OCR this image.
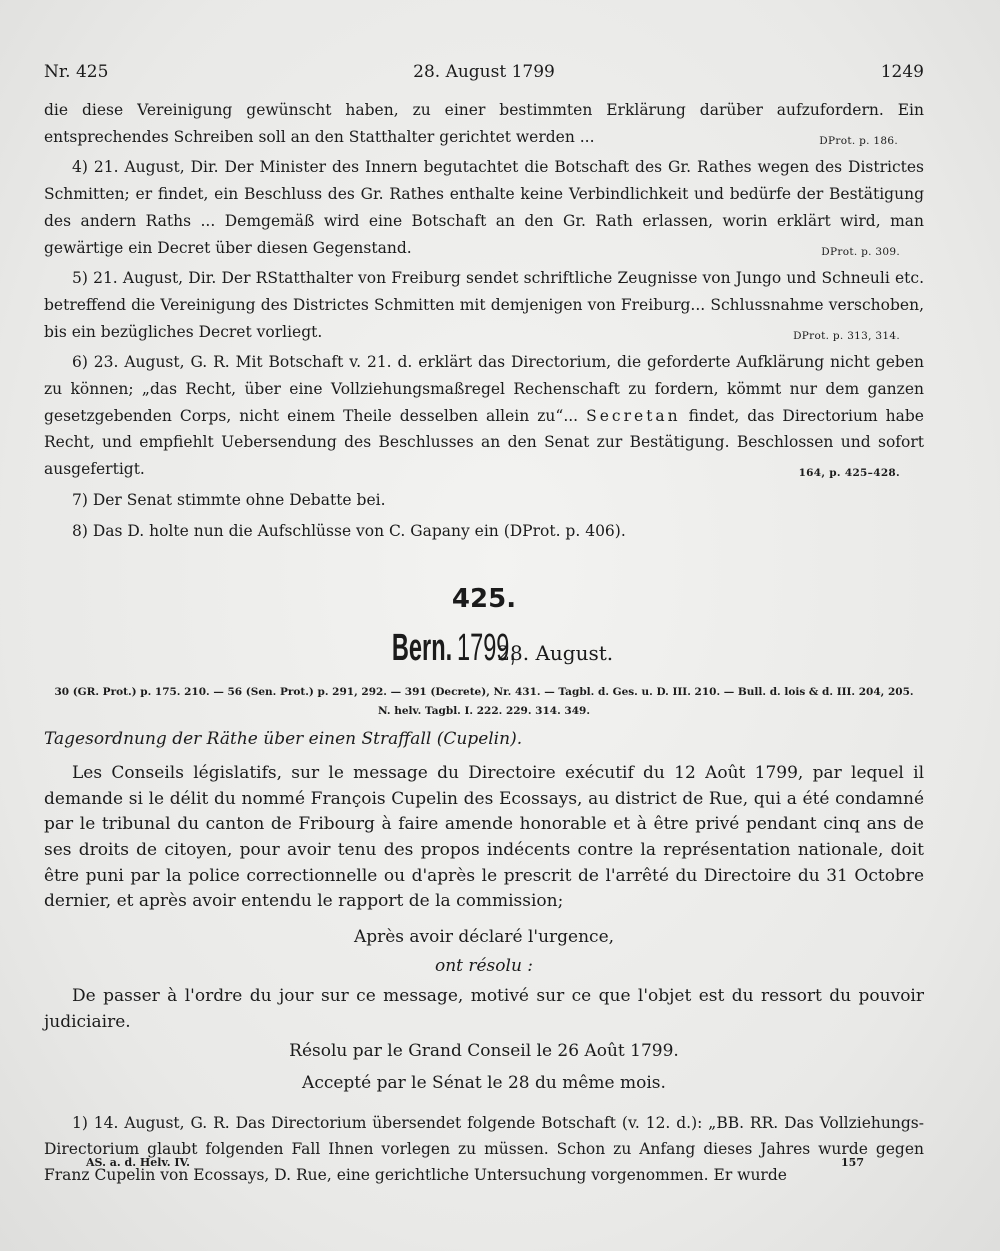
Nr. 425	28. August 1799	1249

die diese Vereinigung gewünscht haben, zu einer bestimmten Erklärung darüber aufzufordern. Ein entsprechendes Schreiben soll an den Statthalter gerichtet werden ...	DProt. p. 186.

4) 21. August, Dir. Der Minister des Innern begutachtet die Botschaft des Gr. Rathes wegen des Districtes Schmitten; er findet, ein Beschluss des Gr. Rathes enthalte keine Verbindlichkeit und bedürfe der Bestätigung des andern Raths ... Demgemäß wird eine Botschaft an den Gr. Rath erlassen, worin erklärt wird, man gewärtige ein Decret über diesen Gegenstand.	DProt. p. 309.

5) 21. August, Dir. Der RStatthalter von Freiburg sendet schriftliche Zeugnisse von Jungo und Schneuli etc. betreffend die Vereinigung des Districtes Schmitten mit demjenigen von Freiburg... Schlussnahme verschoben, bis ein bezügliches Decret vorliegt.	DProt. p. 313, 314.

6) 23. August, G. R. Mit Botschaft v. 21. d. erklärt das Directorium, die geforderte Aufklärung nicht geben zu können; „das Recht, über eine Vollziehungsmaßregel Rechenschaft zu fordern, kömmt nur dem ganzen gesetzgebenden Corps, nicht einem Theile desselben allein zu“... Secretan findet, das Directorium habe Recht, und empfiehlt Uebersendung des Beschlusses an den Senat zur Bestätigung. Beschlossen und sofort ausgefertigt.	164, p. 425–428.

7) Der Senat stimmte ohne Debatte bei.

8) Das D. holte nun die Aufschlüsse von C. Gapany ein (DProt. p. 406).

425.
Bern. 1799, 28. August.
30 (GR. Prot.) p. 175. 210. — 56 (Sen. Prot.) p. 291, 292. — 391 (Decrete), Nr. 431. — Tagbl. d. Ges. u. D. III. 210. — Bull. d. lois & d. III. 204, 205.
N. helv. Tagbl. I. 222. 229. 314. 349.

Tagesordnung der Räthe über einen Straffall (Cupelin).

Les Conseils législatifs, sur le message du Directoire exécutif du 12 Août 1799, par lequel il demande si le délit du nommé François Cupelin des Ecossays, au district de Rue, qui a été condamné par le tribunal du canton de Fribourg à faire amende honorable et à être privé pendant cinq ans de ses droits de citoyen, pour avoir tenu des propos indécents contre la représentation nationale, doit être puni par la police correctionnelle ou d'après le prescrit de l'arrêté du Directoire du 31 Octobre dernier, et après avoir entendu le rapport de la commission;

Après avoir déclaré l'urgence,

ont résolu :

De passer à l'ordre du jour sur ce message, motivé sur ce que l'objet est du ressort du pouvoir judiciaire.

Résolu par le Grand Conseil le 26 Août 1799.

Accepté par le Sénat le 28 du même mois.

1) 14. August, G. R. Das Directorium übersendet folgende Botschaft (v. 12. d.): „BB. RR. Das Vollziehungs-Directorium glaubt folgenden Fall Ihnen vorlegen zu müssen. Schon zu Anfang dieses Jahres wurde gegen Franz Cupelin von Ecossays, D. Rue, eine gerichtliche Untersuchung vorgenommen. Er wurde

AS. a. d. Helv. IV.	157
